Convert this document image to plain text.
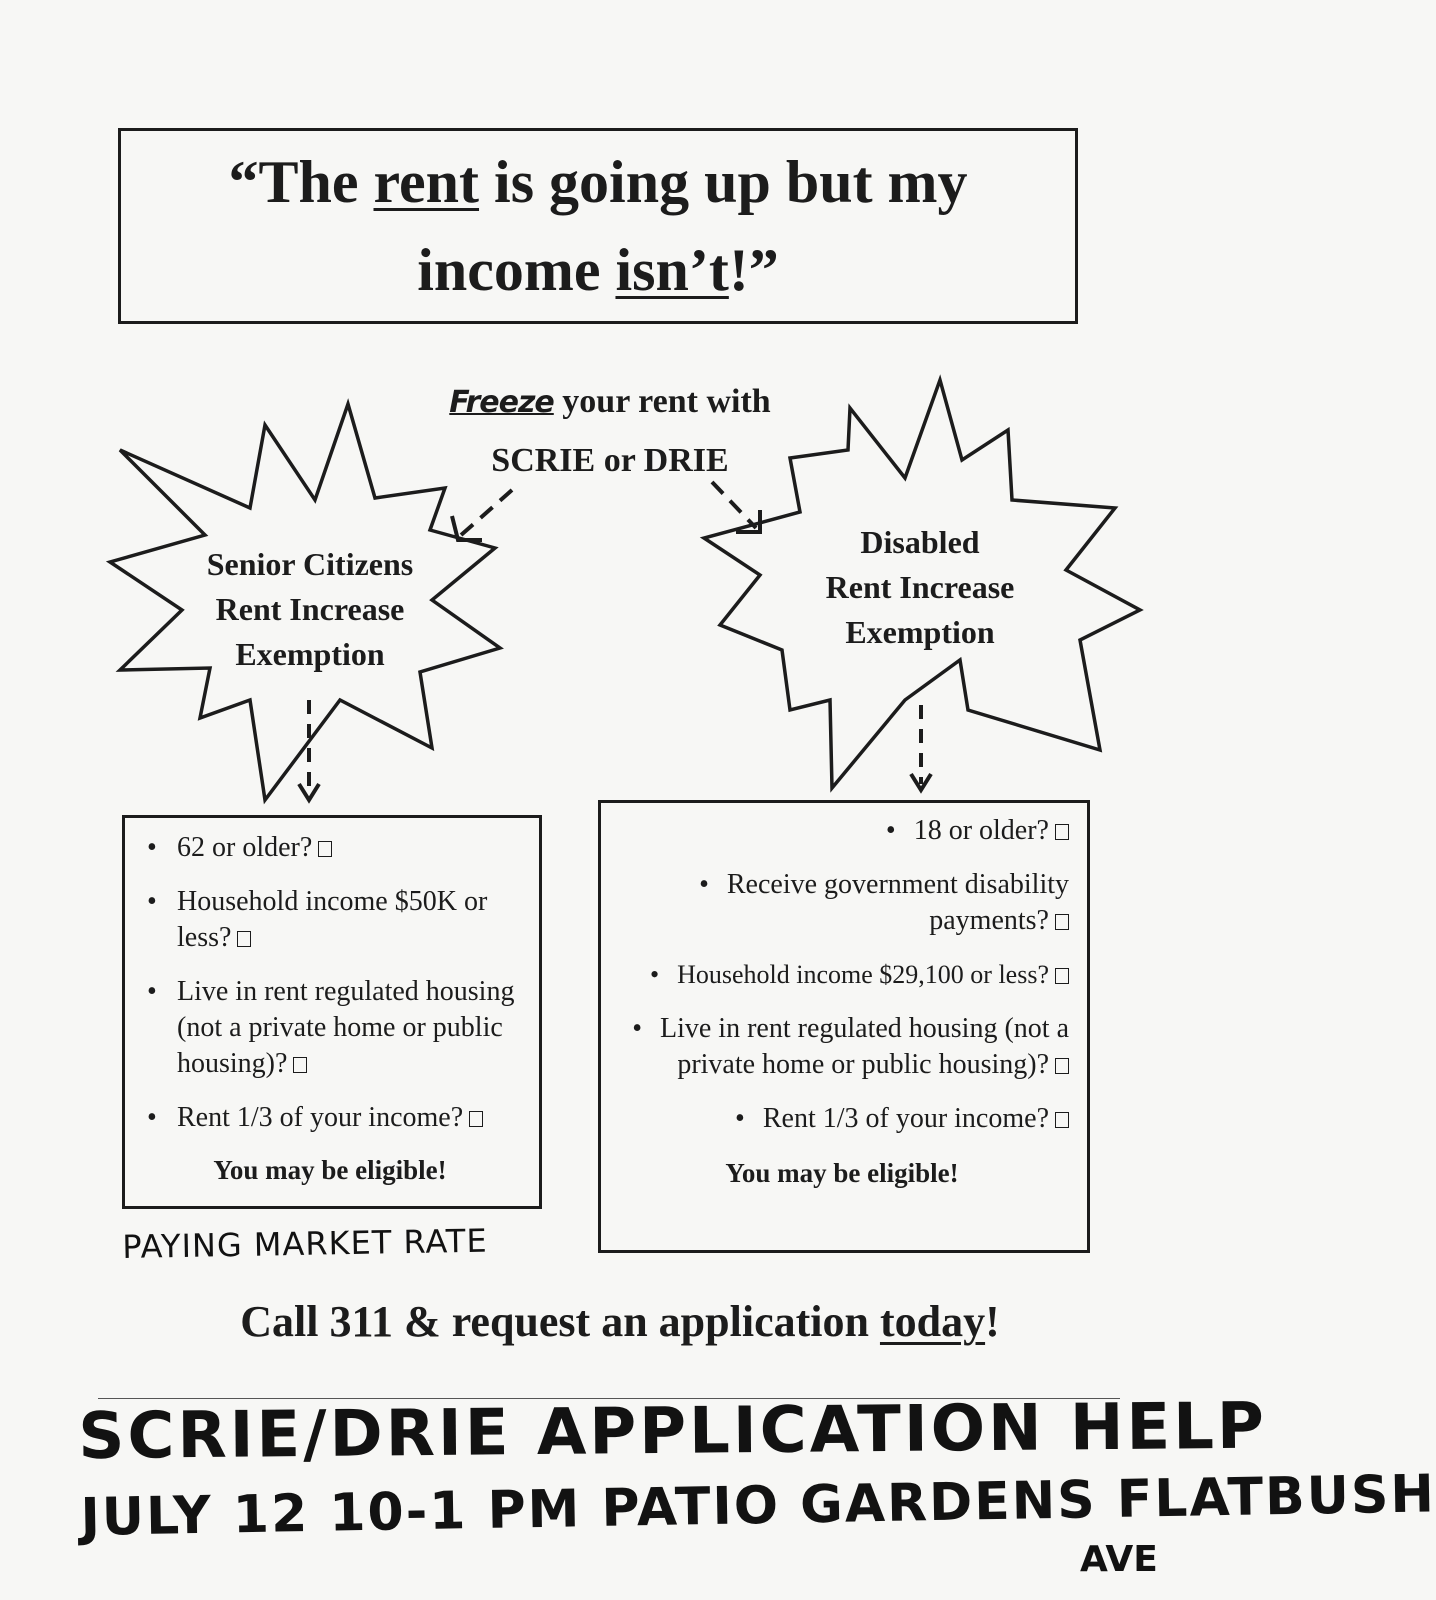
“The rent is going up but my
income isn’t!”
Freeze your rent with
SCRIE or DRIE
Senior Citizens
Rent Increase
Exemption
Disabled
Rent Increase
Exemption
• 62 or older?
• Household income $50K or less?
• Live in rent regulated housing (not a private home or public housing)?
• Rent 1/3 of your income?
You may be eligible!
• 18 or older?
• Receive government disability payments?
• Household income $29,100 or less?
• Live in rent regulated housing (not a private home or public housing)?
• Rent 1/3 of your income?
You may be eligible!
PAYING MARKET RATE
Call 311 & request an application today!
SCRIE/DRIE APPLICATION HELP
JULY 12 10-1 PM PATIO GARDENS FLATBUSH
AVE
